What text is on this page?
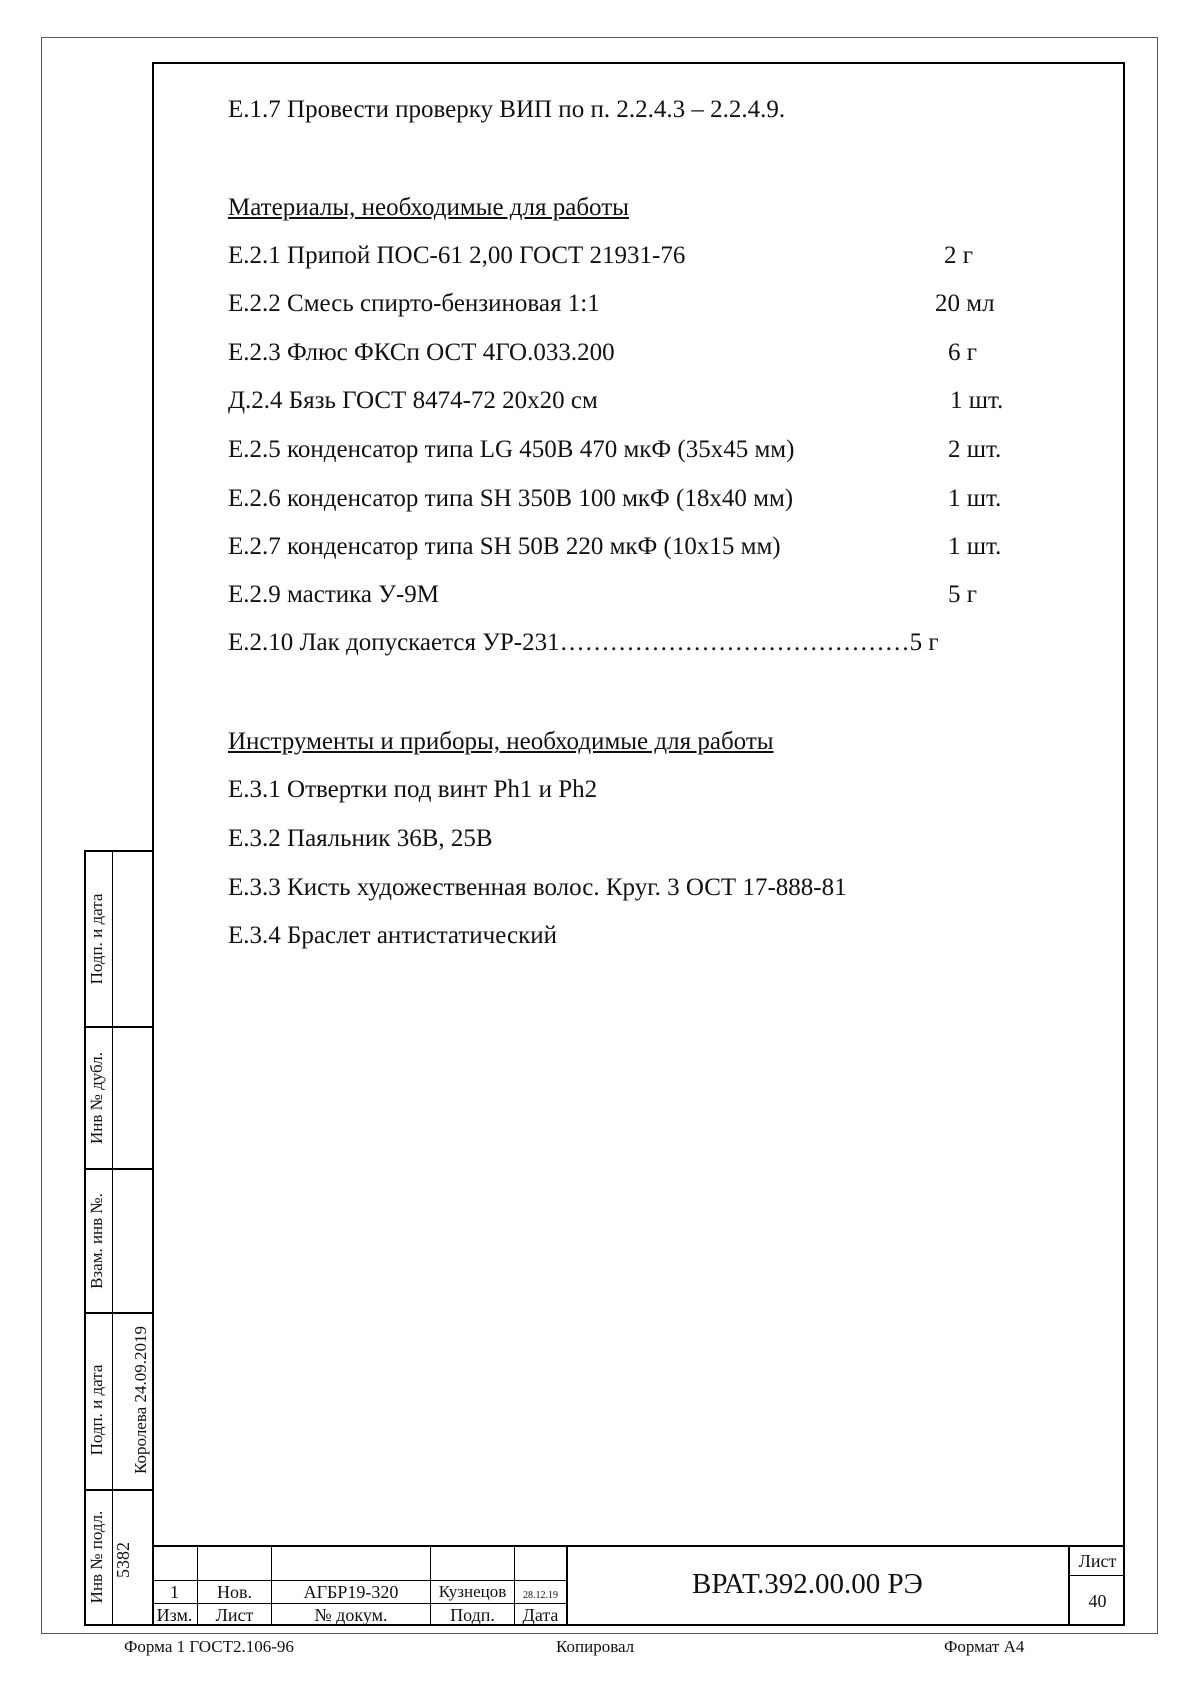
Е.1.7 Провести проверку ВИП по п. 2.2.4.3 – 2.2.4.9.
Материалы, необходимые для работы
Е.2.1 Припой ПОС-61 2,00 ГОСТ 21931-76	2 г
Е.2.2 Смесь спирто-бензиновая 1:1	20 мл
Е.2.3 Флюс ФКСп ОСТ 4ГО.033.200	6 г
Д.2.4 Бязь ГОСТ 8474-72 20х20 см	1 шт.
Е.2.5 конденсатор типа LG 450В 470 мкФ (35х45 мм)	2 шт.
Е.2.6 конденсатор типа SH 350В 100 мкФ (18х40 мм)	1 шт.
Е.2.7 конденсатор типа SH 50В 220 мкФ (10х15 мм)	1 шт.
Е.2.9 мастика У-9М	5 г
Е.2.10 Лак допускается УР-231……………………………………5 г
Инструменты и приборы, необходимые для работы
Е.3.1 Отвертки под винт Ph1 и Ph2
Е.3.2 Паяльник 36В, 25В
Е.3.3 Кисть художественная волос. Круг. 3 ОСТ 17-888-81
Е.3.4 Браслет антистатический
Подп. и дата
Инв № дубл.
Взам. инв №.
Подп. и дата Королева 24.09.2019
Инв № подл. 5382
1	Нов.	АГБР19-320	Кузнецов	28.12.19
Изм.	Лист	№ докум.	Подп.	Дата
ВРАТ.392.00.00 РЭ
Лист
40
Форма 1 ГОСТ2.106-96	Копировал	Формат А4
